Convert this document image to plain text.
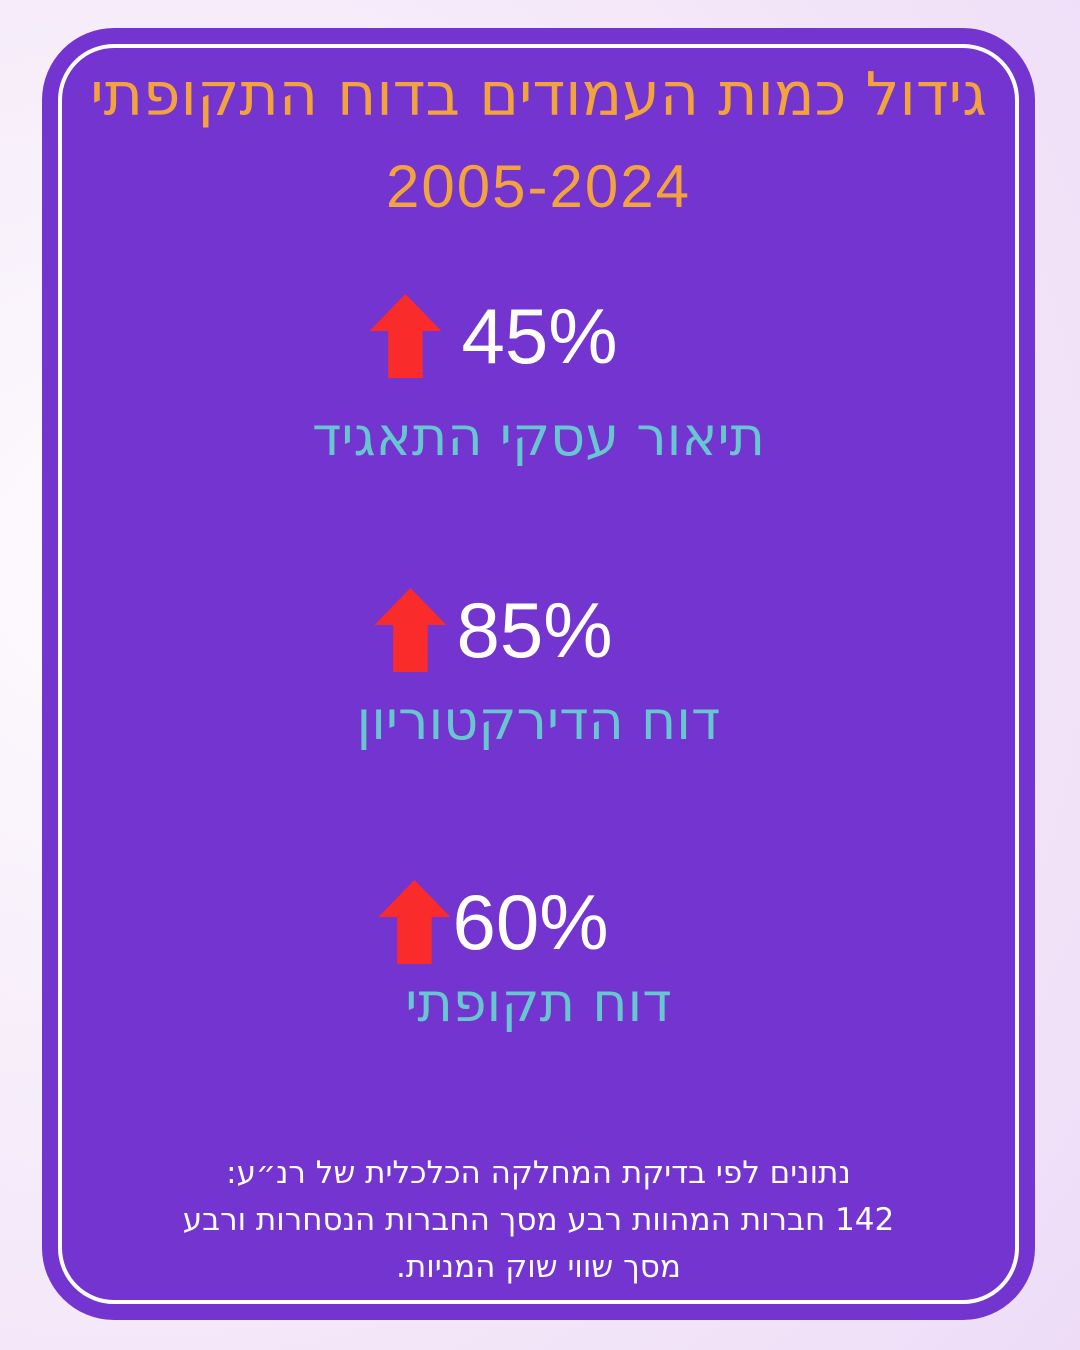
גידול כמות העמודים בדוח התקופתי
2005-2024
45%
תיאור עסקי התאגיד
85%
דוח הדירקטוריון
60%
דוח תקופתי
נתונים לפי בדיקת המחלקה הכלכלית של רנ״ע:
142 חברות המהוות רבע מסך החברות הנסחרות ורבע
מסך שווי שוק המניות.
